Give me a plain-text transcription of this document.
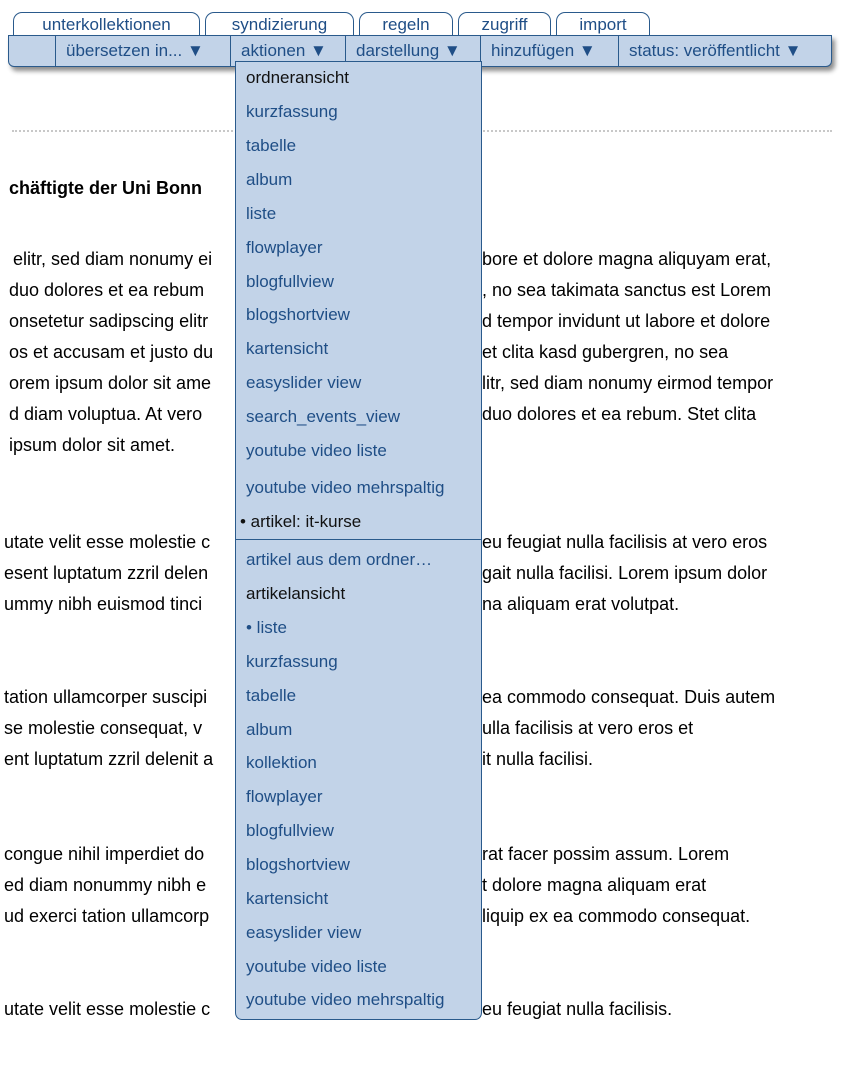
chäftigte der Uni Bonn
elitr, sed diam nonumy ei	bore et dolore magna aliquyam erat,
duo dolores et ea rebum	, no sea takimata sanctus est Lorem
onsetetur sadipscing elitr	d tempor invidunt ut labore et dolore
os et accusam et justo du	et clita kasd gubergren, no sea
orem ipsum dolor sit ame	litr, sed diam nonumy eirmod tempor
d diam voluptua. At vero	duo dolores et ea rebum. Stet clita
ipsum dolor sit amet.
utate velit esse molestie c	eu feugiat nulla facilisis at vero eros
esent luptatum zzril delen	gait nulla facilisi. Lorem ipsum dolor
ummy nibh euismod tinci	na aliquam erat volutpat.
tation ullamcorper suscipi	ea commodo consequat. Duis autem
se molestie consequat, v	ulla facilisis at vero eros et
ent luptatum zzril delenit a	it nulla facilisi.
congue nihil imperdiet do	rat facer possim assum. Lorem
ed diam nonummy nibh e	t dolore magna aliquam erat
ud exerci tation ullamcorp	liquip ex ea commodo consequat.
utate velit esse molestie c	eu feugiat nulla facilisis.
unterkollektionen	syndizierung	regeln	zugriff	import
übersetzen in... ▼	aktionen ▼	darstellung ▼	hinzufügen ▼	status: veröffentlicht ▼
ordneransicht
kurzfassung
tabelle
album
liste
flowplayer
blogfullview
blogshortview
kartensicht
easyslider view
search_events_view
youtube video liste
youtube video mehrspaltig
• artikel: it-kurse
artikel aus dem ordner…
artikelansicht
• liste
kurzfassung
tabelle
album
kollektion
flowplayer
blogfullview
blogshortview
kartensicht
easyslider view
youtube video liste
youtube video mehrspaltig
